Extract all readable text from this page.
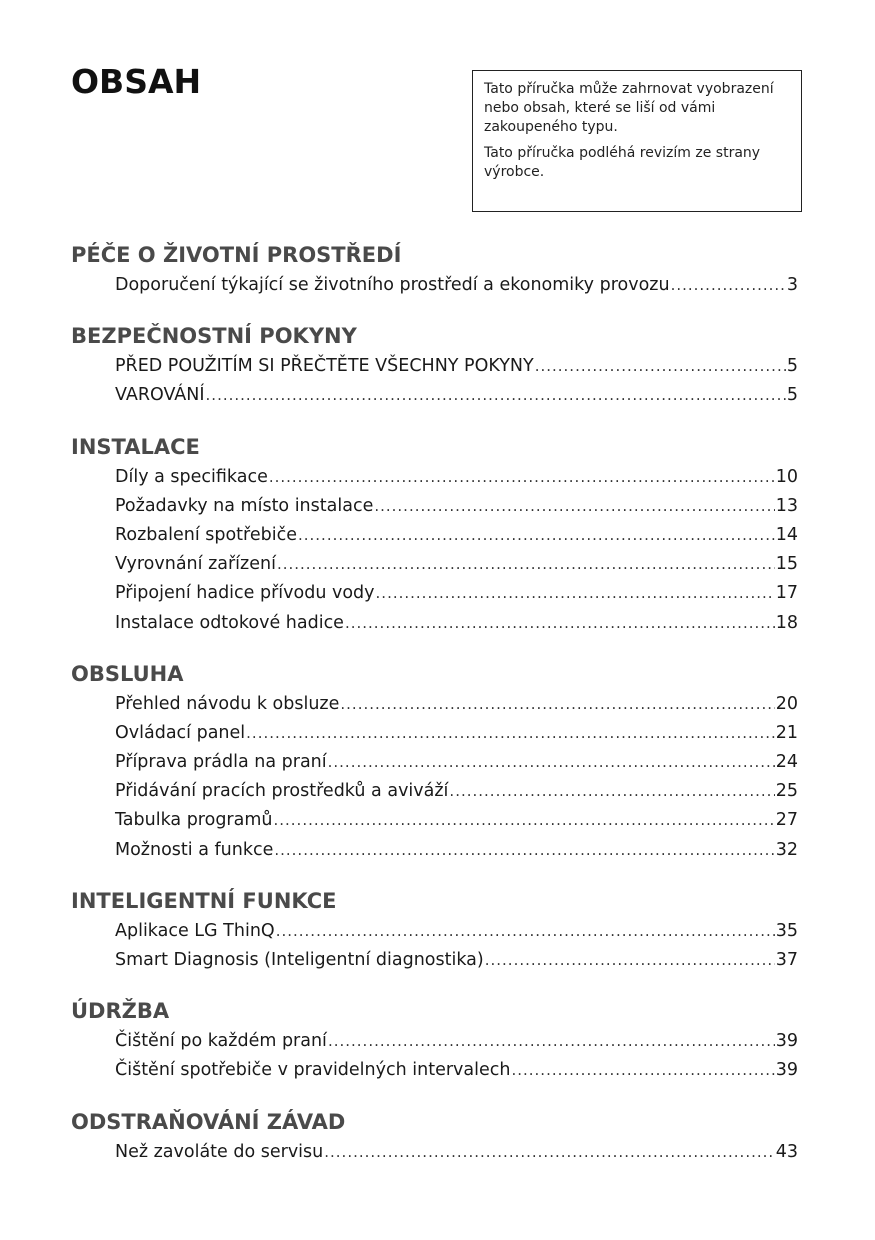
OBSAH	Tato příručka může zahrnovat vyobrazení nebo obsah, které se liší od vámi zakoupeného typu.

Tato příručka podléhá revizím ze strany výrobce.

PÉČE O ŽIVOTNÍ PROSTŘEDÍ
Doporučení týkající se životního prostředí a ekonomiky provozu .....	3
BEZPEČNOSTNÍ POKYNY
PŘED POUŽITÍM SI PŘEČTĚTE VŠECHNY POKYNY .....	5
VAROVÁNÍ .....	5
INSTALACE
Díly a specifikace .....	10
Požadavky na místo instalace .....	13
Rozbalení spotřebiče .....	14
Vyrovnání zařízení .....	15
Připojení hadice přívodu vody .....	17
Instalace odtokové hadice .....	18
OBSLUHA
Přehled návodu k obsluze .....	20
Ovládací panel .....	21
Příprava prádla na praní .....	24
Přidávání pracích prostředků a aviváží .....	25
Tabulka programů .....	27
Možnosti a funkce .....	32
INTELIGENTNÍ FUNKCE
Aplikace LG ThinQ .....	35
Smart Diagnosis (Inteligentní diagnostika) .....	37
ÚDRŽBA
Čištění po každém praní .....	39
Čištění spotřebiče v pravidelných intervalech .....	39
ODSTRAŇOVÁNÍ ZÁVAD
Než zavoláte do servisu .....	43
